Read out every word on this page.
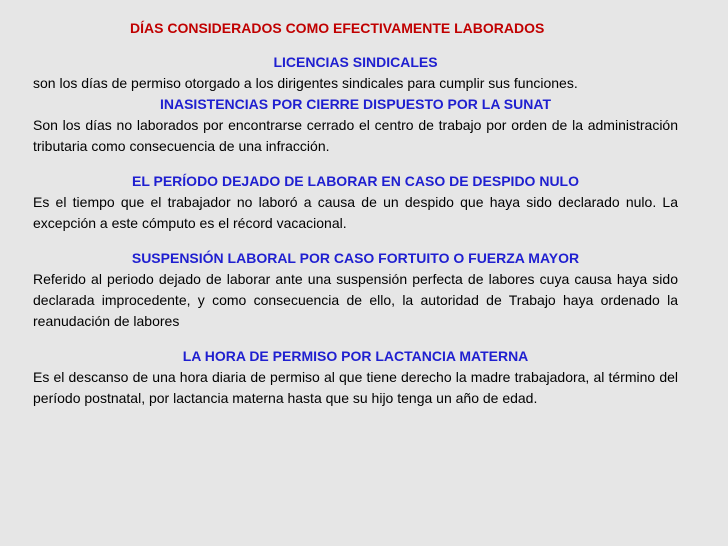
DÍAS CONSIDERADOS COMO EFECTIVAMENTE LABORADOS
LICENCIAS SINDICALES
son los días de permiso otorgado a los dirigentes sindicales para cumplir sus funciones.
INASISTENCIAS POR CIERRE DISPUESTO POR LA SUNAT
Son los días no laborados por encontrarse cerrado el centro de trabajo por orden de la administración tributaria como consecuencia de una infracción.
EL PERÍODO DEJADO DE LABORAR EN CASO DE DESPIDO NULO
Es el tiempo que el trabajador no laboró a causa de un despido que haya sido declarado nulo. La excepción a este cómputo es el récord vacacional.
SUSPENSIÓN LABORAL POR CASO FORTUITO O FUERZA MAYOR
Referido al periodo dejado de laborar ante una suspensión perfecta de labores cuya causa haya sido declarada improcedente, y como consecuencia de ello, la autoridad de Trabajo haya ordenado la reanudación de labores
LA HORA DE PERMISO POR LACTANCIA MATERNA
Es el descanso de una hora diaria de permiso al que tiene derecho la madre trabajadora, al término del período postnatal, por lactancia materna hasta que su hijo tenga un año de edad.
